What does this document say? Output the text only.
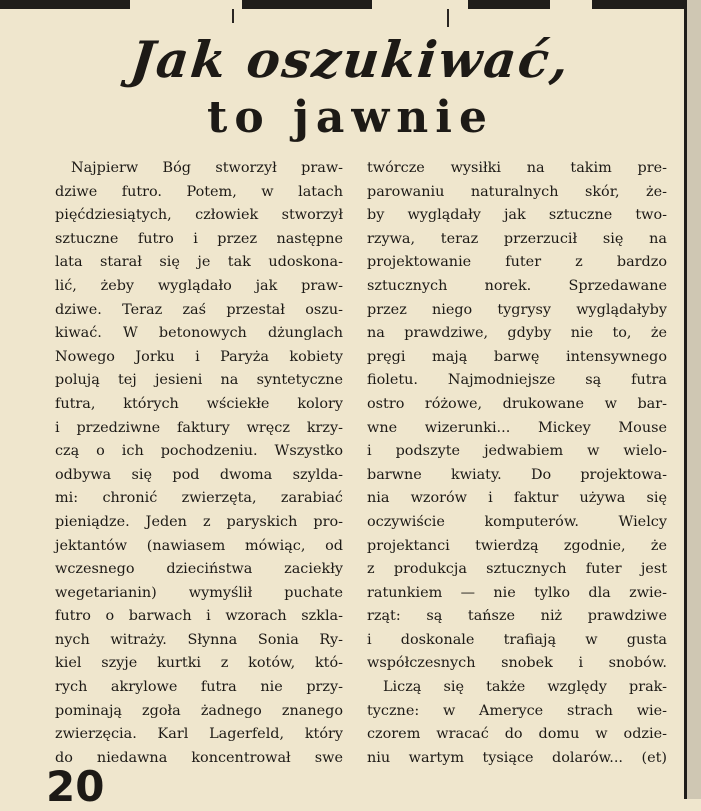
Jak oszukiwać,
to jawnie
Najpierw Bóg stworzył praw-
dziwe futro. Potem, w latach
pięćdziesiątych, człowiek stworzył
sztuczne futro i przez następne
lata starał się je tak udoskona-
lić, żeby wyglądało jak praw-
dziwe. Teraz zaś przestał oszu-
kiwać. W betonowych dżunglach
Nowego Jorku i Paryża kobiety
polują tej jesieni na syntetyczne
futra, których wściekłe kolory
i przedziwne faktury wręcz krzy-
czą o ich pochodzeniu. Wszystko
odbywa się pod dwoma szylda-
mi: chronić zwierzęta, zarabiać
pieniądze. Jeden z paryskich pro-
jektantów (nawiasem mówiąc, od
wczesnego dzieciństwa zaciekły
wegetarianin) wymyślił puchate
futro o barwach i wzorach szkla-
nych witraży. Słynna Sonia Ry-
kiel szyje kurtki z kotów, któ-
rych akrylowe futra nie przy-
pominają zgoła żadnego znanego
zwierzęcia. Karl Lagerfeld, który
do niedawna koncentrował swe
twórcze wysiłki na takim pre-
parowaniu naturalnych skór, że-
by wyglądały jak sztuczne two-
rzywa, teraz przerzucił się na
projektowanie futer z bardzo
sztucznych norek. Sprzedawane
przez niego tygrysy wyglądałyby
na prawdziwe, gdyby nie to, że
pręgi mają barwę intensywnego
fioletu. Najmodniejsze są futra
ostro różowe, drukowane w bar-
wne wizerunki... Mickey Mouse
i podszyte jedwabiem w wielo-
barwne kwiaty. Do projektowa-
nia wzorów i faktur używa się
oczywiście komputerów. Wielcy
projektanci twierdzą zgodnie, że
z produkcja sztucznych futer jest
ratunkiem — nie tylko dla zwie-
rząt: są tańsze niż prawdziwe
i doskonale trafiają w gusta
współczesnych snobek i snobów.
Liczą się także względy prak-
tyczne: w Ameryce strach wie-
czorem wracać do domu w odzie-
niu wartym tysiące dolarów... (et)
20
